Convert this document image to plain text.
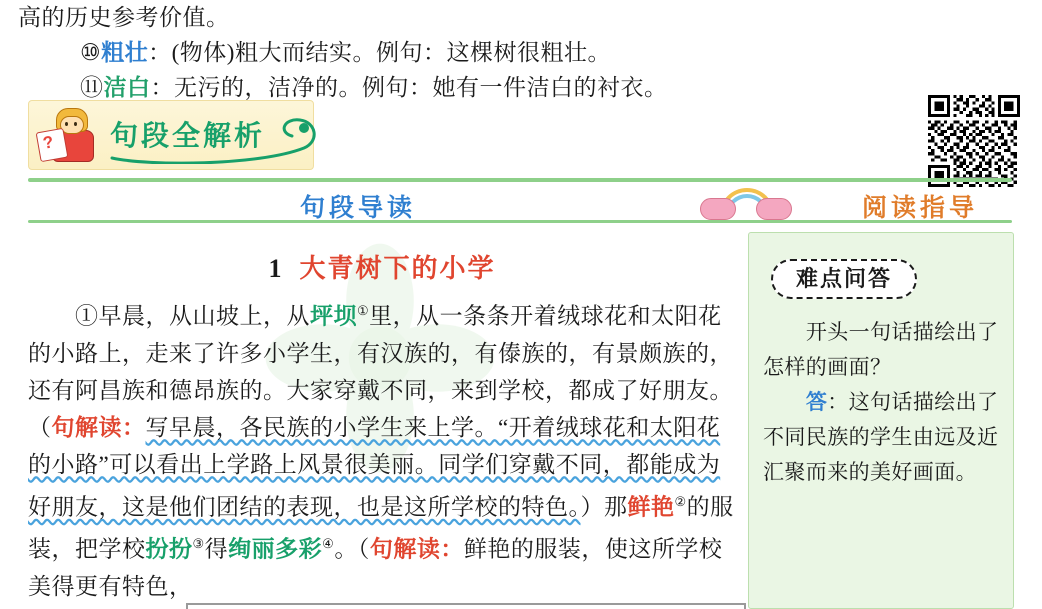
高的历史参考价值。
⑩粗壮：(物体)粗大而结实。例句：这棵树很粗壮。
⑪洁白：无污的，洁净的。例句：她有一件洁白的衬衣。
? 句段全解析
句段导读	阅读指导
1 大青树下的小学

　　①早晨，从山坡上，从坪坝①里，从一条条开着绒球花和太阳花的小路上，走来了许多小学生，有汉族的，有傣族的，有景颇族的，还有阿昌族和德昂族的。大家穿戴不同，来到学校，都成了好朋友。（句解读：写早晨，各民族的小学生来上学。“开着绒球花和太阳花的小路”可以看出上学路上风景很美丽。同学们穿戴不同，都能成为好朋友，这是他们团结的表现，也是这所学校的特色。）那鲜艳②的服装，把学校扮扮③得绚丽多彩④。（句解读：鲜艳的服装，使这所学校美得更有特色，

难点问答

　　开头一句话描绘出了怎样的画面？

　　答：这句话描绘出了不同民族的学生由远及近汇聚而来的美好画面。
